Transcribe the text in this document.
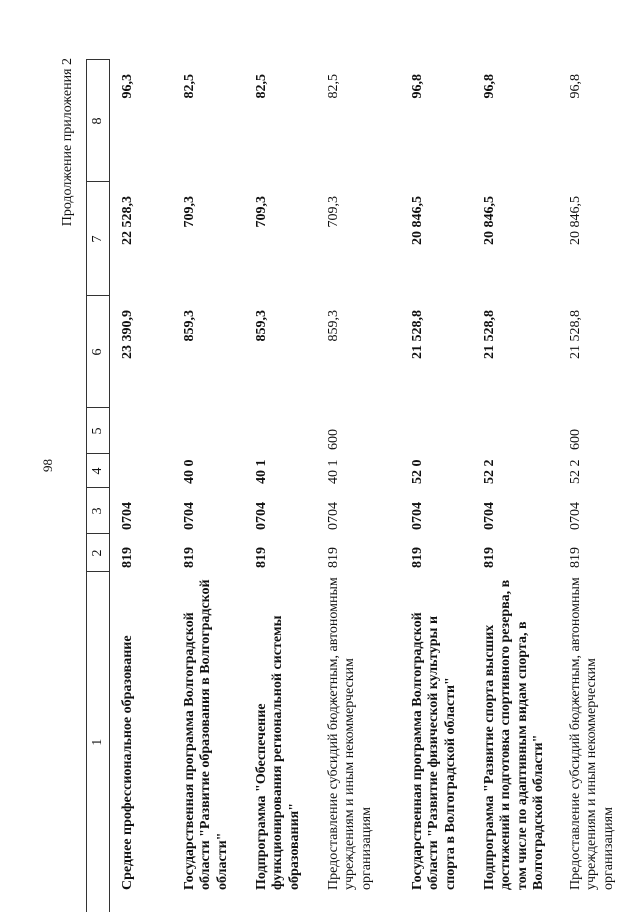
98
Продолжение приложения 2
1	2	3	4	5	6	7	8
Среднее профессиональное образование	819	0704			23 390,9	22 528,3	96,3
Государственная программа Волгоградской области "Развитие образования в Волгоградской области"	819	0704	40 0		859,3	709,3	82,5
Подпрограмма "Обеспечение функционирования региональной системы образования"	819	0704	40 1		859,3	709,3	82,5
Предоставление субсидий бюджетным, автономным учреждениям и иным некоммерческим организациям	819	0704	40 1	600	859,3	709,3	82,5
Государственная программа Волгоградской области "Развитие физической культуры и спорта в Волгоградской области"	819	0704	52 0		21 528,8	20 846,5	96,8
Подпрограмма "Развитие спорта высших достижений и подготовка спортивного резерва, в том числе по адаптивным видам спорта, в Волгоградской области"	819	0704	52 2		21 528,8	20 846,5	96,8
Предоставление субсидий бюджетным, автономным учреждениям и иным некоммерческим организациям	819	0704	52 2	600	21 528,8	20 846,5	96,8
